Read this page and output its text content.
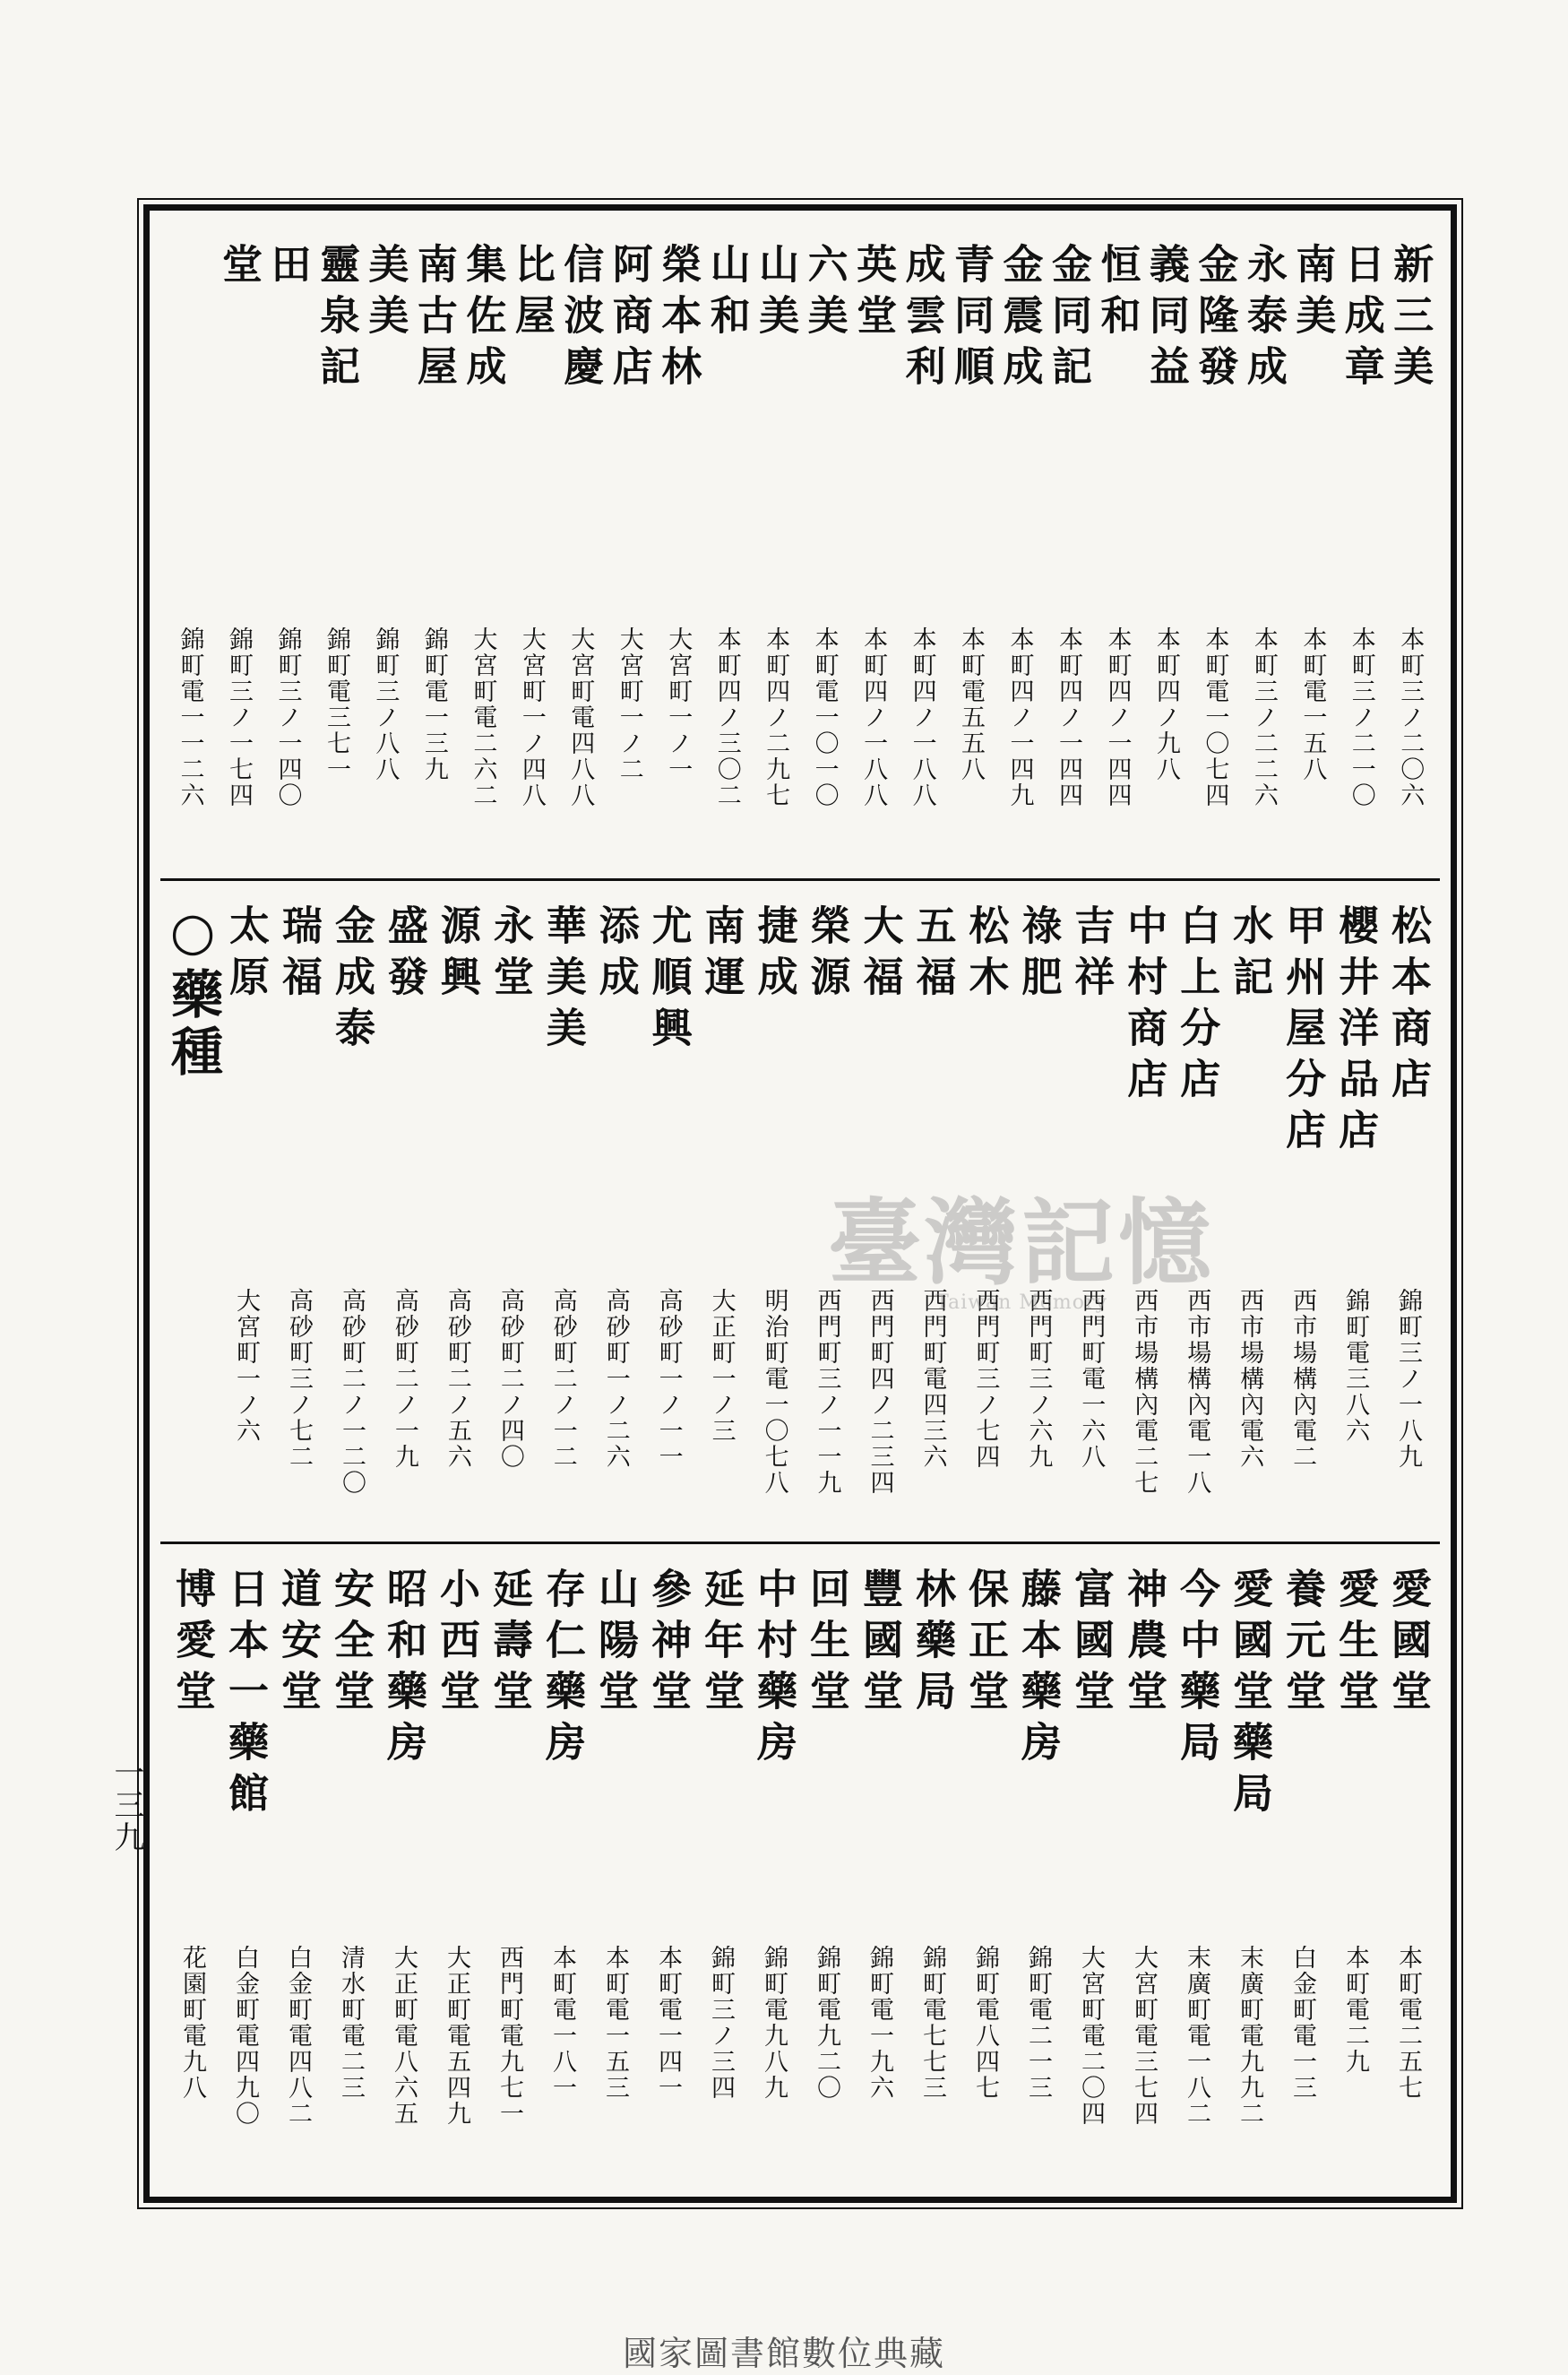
新三美
本町三ノ二〇六
日成章
本町三ノ二一〇
南美
本町電一五八
永泰成
本町三ノ二二六
金隆發
本町電一〇七四
義同益
本町四ノ九八
恒和
本町四ノ一四四
金同記
本町四ノ一四四
金震成
本町四ノ一四九
青同順
本町電五五八
成雲利
本町四ノ一八八
英堂
本町四ノ一八八
六美
本町電一〇一〇
山美
本町四ノ二九七
山和
本町四ノ三〇二
榮本林
大宮町一ノ一
阿商店
大宮町一ノ二
信波慶
大宮町電四八八
比屋
大宮町一ノ四八
集佐成
大宮町電二六二
南古屋
錦町電一三九
美美
錦町三ノ八八
靈泉記
錦町電三七一
田
錦町三ノ一四〇
堂
錦町三ノ一七四
錦町電一一二六
松本商店
錦町三ノ一八九
櫻井洋品店
錦町電三八六
甲州屋分店
西市場構內電二
水記
西市場構內電六
白上分店
西市場構內電一八
中村商店
西市場構內電二七
吉祥
西門町電一六八
祿肥
西門町三ノ六九
松木
西門町三ノ七四
五福
西門町電四三六
大福
西門町四ノ二三四
榮源
西門町三ノ一一九
捷成
明治町電一〇七八
南運
大正町一ノ三
尤順興
高砂町一ノ一一
添成
高砂町一ノ二六
華美美
高砂町二ノ一二
永堂
高砂町二ノ四〇
源興
高砂町二ノ五六
盛發
高砂町二ノ一九
金成泰
高砂町二ノ一二〇
瑞福
高砂町三ノ七二
太原
大宮町一ノ六
○藥種
愛國堂
本町電二五七
愛生堂
本町電二九
養元堂
白金町電一三
愛國堂藥局
末廣町電九九二
今中藥局
末廣町電一八二
神農堂
大宮町電三七四
富國堂
大宮町電二〇四
藤本藥房
錦町電二一三
保正堂
錦町電八四七
林藥局
錦町電七七三
豐國堂
錦町電一九六
回生堂
錦町電九二〇
中村藥房
錦町電九八九
延年堂
錦町三ノ三四
參神堂
本町電一四一
山陽堂
本町電一五三
存仁藥房
本町電一八一
延壽堂
西門町電九七一
小西堂
大正町電五四九
昭和藥房
大正町電八六五
安全堂
清水町電二三
道安堂
白金町電四八二
日本一藥館
白金町電四九〇
博愛堂
花園町電九八
一三九
臺灣記憶
Taiwan Memory
國家圖書館數位典藏
